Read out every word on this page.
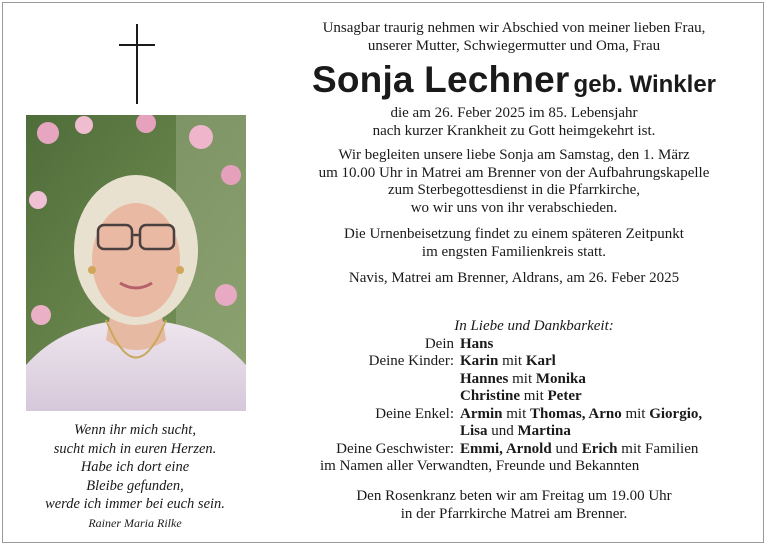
Wenn ihr mich sucht,
sucht mich in euren Herzen.
Habe ich dort eine
Bleibe gefunden,
werde ich immer bei euch sein.
Rainer Maria Rilke
Unsagbar traurig nehmen wir Abschied von meiner lieben Frau,
unserer Mutter, Schwiegermutter und Oma, Frau
Sonja Lechner geb. Winkler
die am 26. Feber 2025 im 85. Lebensjahr
nach kurzer Krankheit zu Gott heimgekehrt ist.
Wir begleiten unsere liebe Sonja am Samstag, den 1. März
um 10.00 Uhr in Matrei am Brenner von der Aufbahrungskapelle
zum Sterbegottesdienst in die Pfarrkirche,
wo wir uns von ihr verabschieden.
Die Urnenbeisetzung findet zu einem späteren Zeitpunkt
im engsten Familienkreis statt.
Navis, Matrei am Brenner, Aldrans, am 26. Feber 2025
In Liebe und Dankbarkeit:
Dein Hans
Deine Kinder: Karin mit Karl
Hannes mit Monika
Christine mit Peter
Deine Enkel: Armin mit Thomas, Arno mit Giorgio,
Lisa und Martina
Deine Geschwister: Emmi, Arnold und Erich mit Familien
im Namen aller Verwandten, Freunde und Bekannten
Den Rosenkranz beten wir am Freitag um 19.00 Uhr
in der Pfarrkirche Matrei am Brenner.
